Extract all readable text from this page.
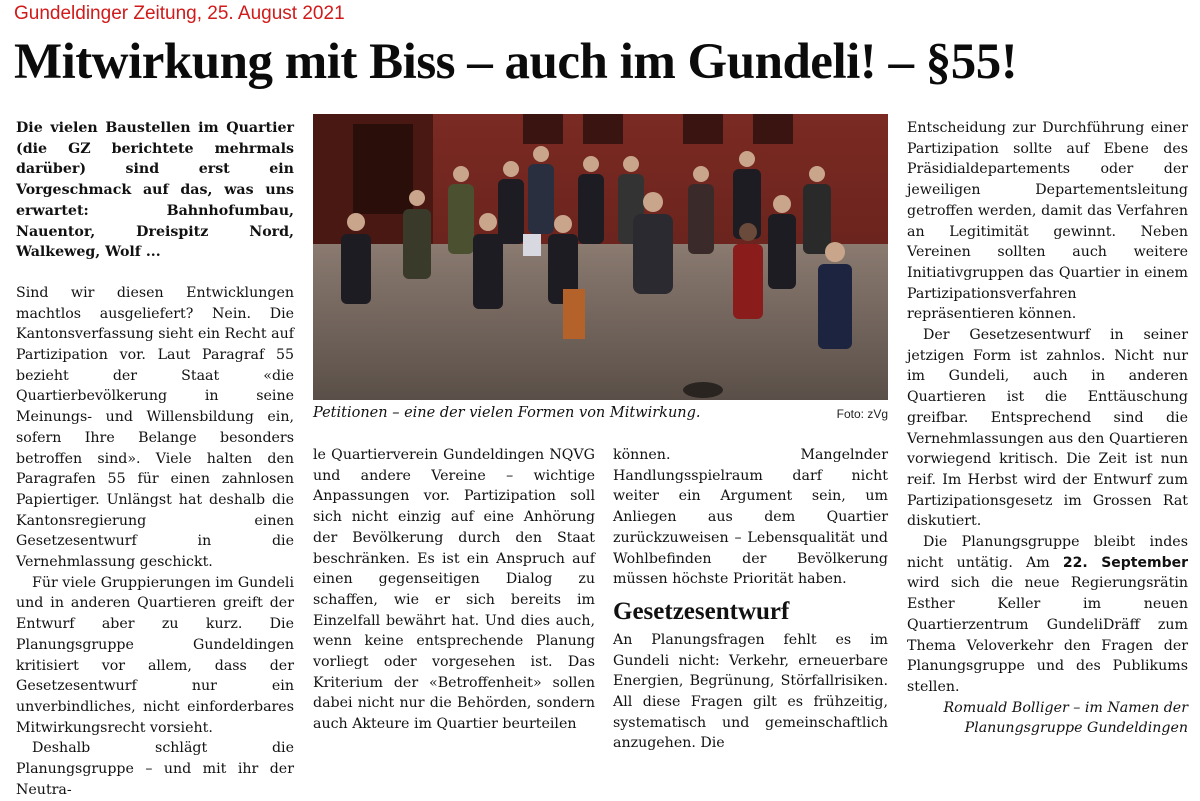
Gundeldinger Zeitung, 25. August 2021
Mitwirkung mit Biss – auch im Gundeli! – §55!

Die vielen Baustellen im Quartier (die GZ berichtete mehrmals darüber) sind erst ein Vorgeschmack auf das, was uns erwartet: Bahnhofumbau, Nauentor, Dreispitz Nord, Walkeweg, Wolf ...

Sind wir diesen Entwicklungen machtlos ausgeliefert? Nein. Die Kantonsverfassung sieht ein Recht auf Partizipation vor. Laut Paragraf 55 bezieht der Staat «die Quartierbevölkerung in seine Meinungs- und Willensbildung ein, sofern Ihre Belange besonders betroffen sind». Viele halten den Paragrafen 55 für einen zahnlosen Papiertiger. Unlängst hat deshalb die Kantonsregierung einen Gesetzesentwurf in die Vernehmlassung geschickt.

Für viele Gruppierungen im Gundeli und in anderen Quartieren greift der Entwurf aber zu kurz. Die Planungsgruppe Gundeldingen kritisiert vor allem, dass der Gesetzesentwurf nur ein unverbindliches, nicht einforderbares Mitwirkungsrecht vorsieht.

Deshalb schlägt die Planungsgruppe – und mit ihr der Neutra-

Petitionen – eine der vielen Formen von Mitwirkung.	Foto: zVg

le Quartierverein Gundeldingen NQVG und andere Vereine – wichtige Anpassungen vor. Partizipation soll sich nicht einzig auf eine Anhörung der Bevölkerung durch den Staat beschränken. Es ist ein Anspruch auf einen gegenseitigen Dialog zu schaffen, wie er sich bereits im Einzelfall bewährt hat. Und dies auch, wenn keine entsprechende Planung vorliegt oder vorgesehen ist. Das Kriterium der «Betroffenheit» sollen dabei nicht nur die Behörden, sondern auch Akteure im Quartier beurteilen

können. Mangelnder Handlungsspielraum darf nicht weiter ein Argument sein, um Anliegen aus dem Quartier zurückzuweisen – Lebensqualität und Wohlbefinden der Bevölkerung müssen höchste Priorität haben.

Gesetzesentwurf

An Planungsfragen fehlt es im Gundeli nicht: Verkehr, erneuerbare Energien, Begrünung, Störfallrisiken. All diese Fragen gilt es frühzeitig, systematisch und gemeinschaftlich anzugehen. Die

Entscheidung zur Durchführung einer Partizipation sollte auf Ebene des Präsidialdepartements oder der jeweiligen Departementsleitung getroffen werden, damit das Verfahren an Legitimität gewinnt. Neben Vereinen sollten auch weitere Initiativgruppen das Quartier in einem Partizipationsverfahren repräsentieren können.

Der Gesetzesentwurf in seiner jetzigen Form ist zahnlos. Nicht nur im Gundeli, auch in anderen Quartieren ist die Enttäuschung greifbar. Entsprechend sind die Vernehmlassungen aus den Quartieren vorwiegend kritisch. Die Zeit ist nun reif. Im Herbst wird der Entwurf zum Partizipationsgesetz im Grossen Rat diskutiert.

Die Planungsgruppe bleibt indes nicht untätig. Am 22. September wird sich die neue Regierungsrätin Esther Keller im neuen Quartierzentrum GundeliDräff zum Thema Veloverkehr den Fragen der Planungsgruppe und des Publikums stellen.

Romuald Bolliger – im Namen der
Planungsgruppe Gundeldingen
